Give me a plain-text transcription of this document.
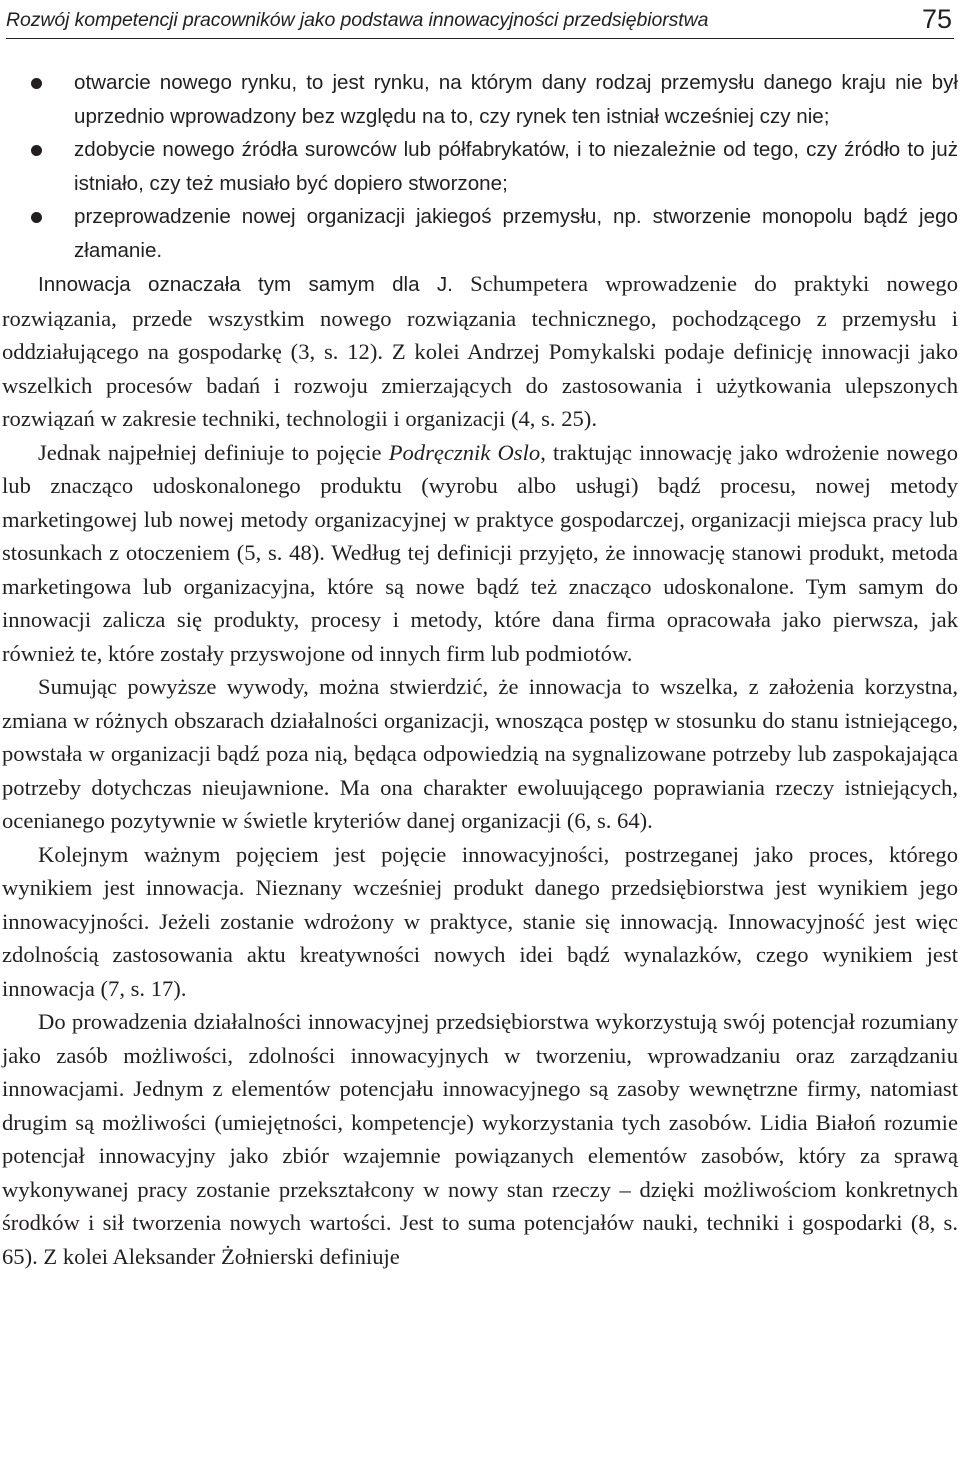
Rozwój kompetencji pracowników jako podstawa innowacyjności przedsiębiorstwa	75
otwarcie nowego rynku, to jest rynku, na którym dany rodzaj przemysłu danego kraju nie był uprzednio wprowadzony bez względu na to, czy rynek ten istniał wcześniej czy nie;
zdobycie nowego źródła surowców lub półfabrykatów, i to niezależnie od tego, czy źródło to już istniało, czy też musiało być dopiero stworzone;
przeprowadzenie nowej organizacji jakiegoś przemysłu, np. stworzenie monopolu bądź jego złamanie.

Innowacja oznaczała tym samym dla J. Schumpetera wprowadzenie do praktyki nowego rozwiązania, przede wszystkim nowego rozwiązania technicznego, pochodzącego z przemysłu i oddziałującego na gospodarkę (3, s. 12). Z kolei Andrzej Pomykalski podaje definicję innowacji jako wszelkich procesów badań i rozwoju zmierzających do zastosowania i użytkowania ulepszonych rozwiązań w zakresie techniki, technologii i organizacji (4, s. 25).

Jednak najpełniej definiuje to pojęcie Podręcznik Oslo, traktując innowację jako wdrożenie nowego lub znacząco udoskonalonego produktu (wyrobu albo usługi) bądź procesu, nowej metody marketingowej lub nowej metody organizacyjnej w praktyce gospodarczej, organizacji miejsca pracy lub stosunkach z otoczeniem (5, s. 48). Według tej definicji przyjęto, że innowację stanowi produkt, metoda marketingowa lub organizacyjna, które są nowe bądź też znacząco udoskonalone. Tym samym do innowacji zalicza się produkty, procesy i metody, które dana firma opracowała jako pierwsza, jak również te, które zostały przyswojone od innych firm lub podmiotów.

Sumując powyższe wywody, można stwierdzić, że innowacja to wszelka, z założenia korzystna, zmiana w różnych obszarach działalności organizacji, wnosząca postęp w stosunku do stanu istniejącego, powstała w organizacji bądź poza nią, będąca odpowiedzią na sygnalizowane potrzeby lub zaspokajająca potrzeby dotychczas nieujawnione. Ma ona charakter ewoluującego poprawiania rzeczy istniejących, ocenianego pozytywnie w świetle kryteriów danej organizacji (6, s. 64).

Kolejnym ważnym pojęciem jest pojęcie innowacyjności, postrzeganej jako proces, którego wynikiem jest innowacja. Nieznany wcześniej produkt danego przedsiębiorstwa jest wynikiem jego innowacyjności. Jeżeli zostanie wdrożony w praktyce, stanie się innowacją. Innowacyjność jest więc zdolnością zastosowania aktu kreatywności nowych idei bądź wynalazków, czego wynikiem jest innowacja (7, s. 17).

Do prowadzenia działalności innowacyjnej przedsiębiorstwa wykorzystują swój potencjał rozumiany jako zasób możliwości, zdolności innowacyjnych w tworzeniu, wprowadzaniu oraz zarządzaniu innowacjami. Jednym z elementów potencjału innowacyjnego są zasoby wewnętrzne firmy, natomiast drugim są możliwości (umiejętności, kompetencje) wykorzystania tych zasobów. Lidia Białoń rozumie potencjał innowacyjny jako zbiór wzajemnie powiązanych elementów zasobów, który za sprawą wykonywanej pracy zostanie przekształcony w nowy stan rzeczy – dzięki możliwościom konkretnych środków i sił tworzenia nowych wartości. Jest to suma potencjałów nauki, techniki i gospodarki (8, s. 65). Z kolei Aleksander Żołnierski definiuje
